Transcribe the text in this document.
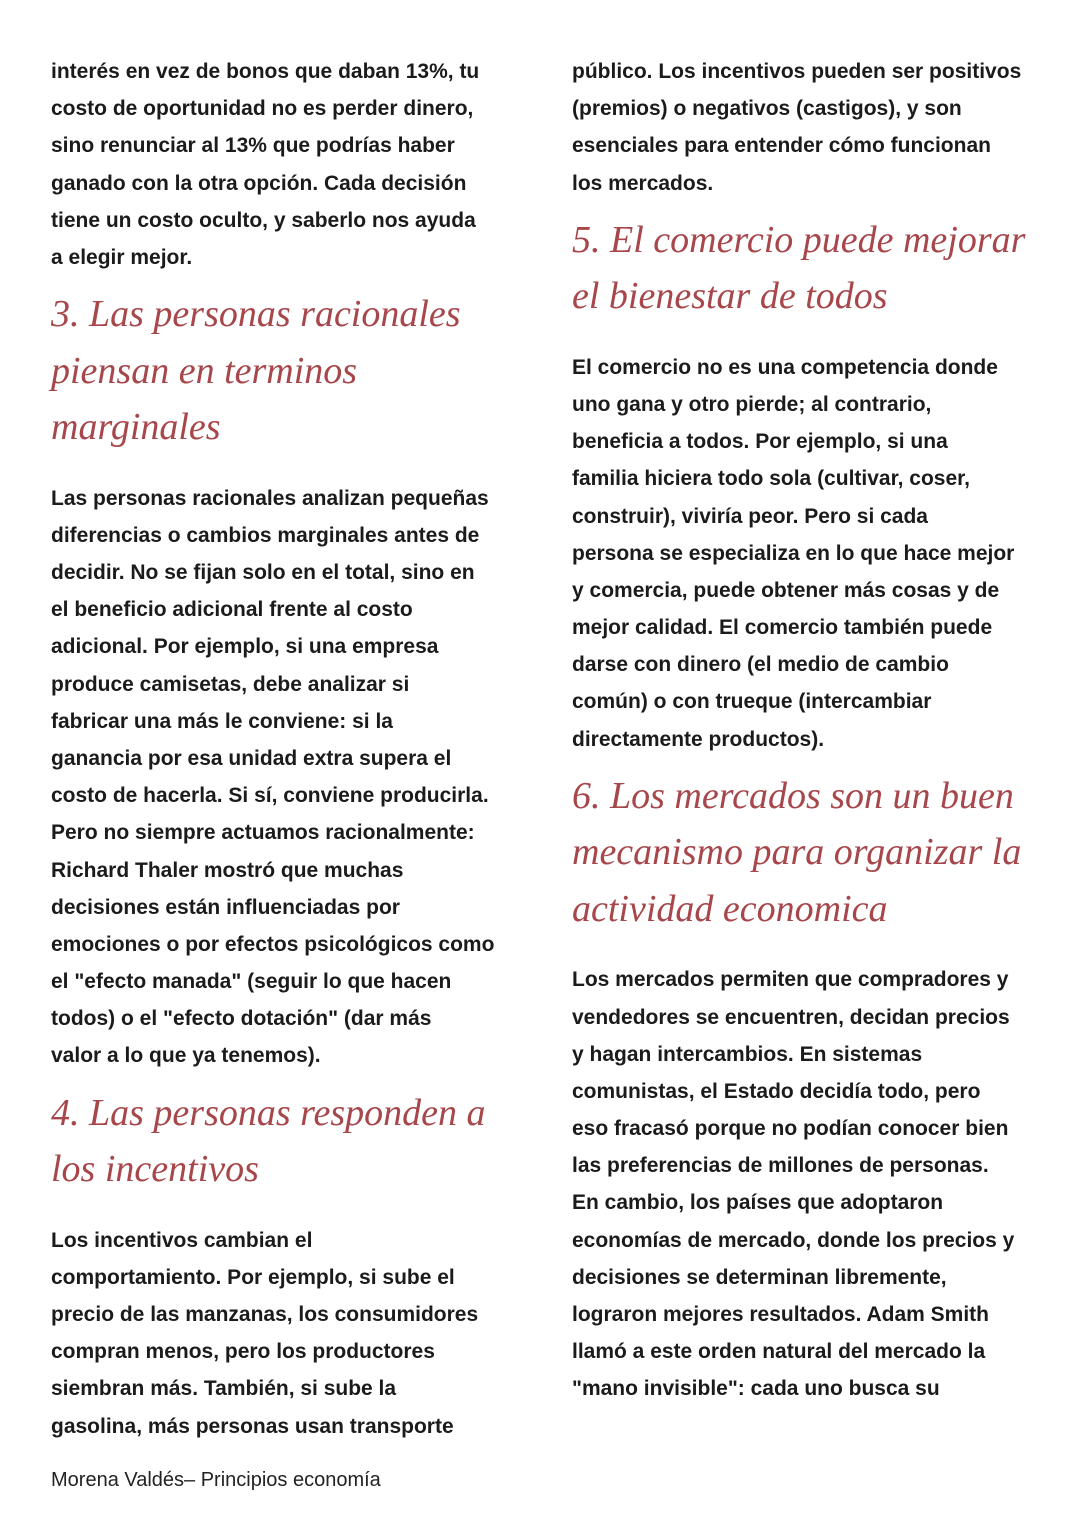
interés en vez de bonos que daban 13%, tu
costo de oportunidad no es perder dinero,
sino renunciar al 13% que podrías haber
ganado con la otra opción. Cada decisión
tiene un costo oculto, y saberlo nos ayuda
a elegir mejor.
3. Las personas racionales
piensan en terminos
marginales
Las personas racionales analizan pequeñas
diferencias o cambios marginales antes de
decidir. No se fijan solo en el total, sino en
el beneficio adicional frente al costo
adicional. Por ejemplo, si una empresa
produce camisetas, debe analizar si
fabricar una más le conviene: si la
ganancia por esa unidad extra supera el
costo de hacerla. Si sí, conviene producirla.
Pero no siempre actuamos racionalmente:
Richard Thaler mostró que muchas
decisiones están influenciadas por
emociones o por efectos psicológicos como
el "efecto manada" (seguir lo que hacen
todos) o el "efecto dotación" (dar más
valor a lo que ya tenemos).
4. Las personas responden a
los incentivos
Los incentivos cambian el
comportamiento. Por ejemplo, si sube el
precio de las manzanas, los consumidores
compran menos, pero los productores
siembran más. También, si sube la
gasolina, más personas usan transporte
público. Los incentivos pueden ser positivos
(premios) o negativos (castigos), y son
esenciales para entender cómo funcionan
los mercados.
5. El comercio puede mejorar
el bienestar de todos
El comercio no es una competencia donde
uno gana y otro pierde; al contrario,
beneficia a todos. Por ejemplo, si una
familia hiciera todo sola (cultivar, coser,
construir), viviría peor. Pero si cada
persona se especializa en lo que hace mejor
y comercia, puede obtener más cosas y de
mejor calidad. El comercio también puede
darse con dinero (el medio de cambio
común) o con trueque (intercambiar
directamente productos).
6. Los mercados son un buen
mecanismo para organizar la
actividad economica
Los mercados permiten que compradores y
vendedores se encuentren, decidan precios
y hagan intercambios. En sistemas
comunistas, el Estado decidía todo, pero
eso fracasó porque no podían conocer bien
las preferencias de millones de personas.
En cambio, los países que adoptaron
economías de mercado, donde los precios y
decisiones se determinan libremente,
lograron mejores resultados. Adam Smith
llamó a este orden natural del mercado la
"mano invisible": cada uno busca su
Morena Valdés– Principios economía
